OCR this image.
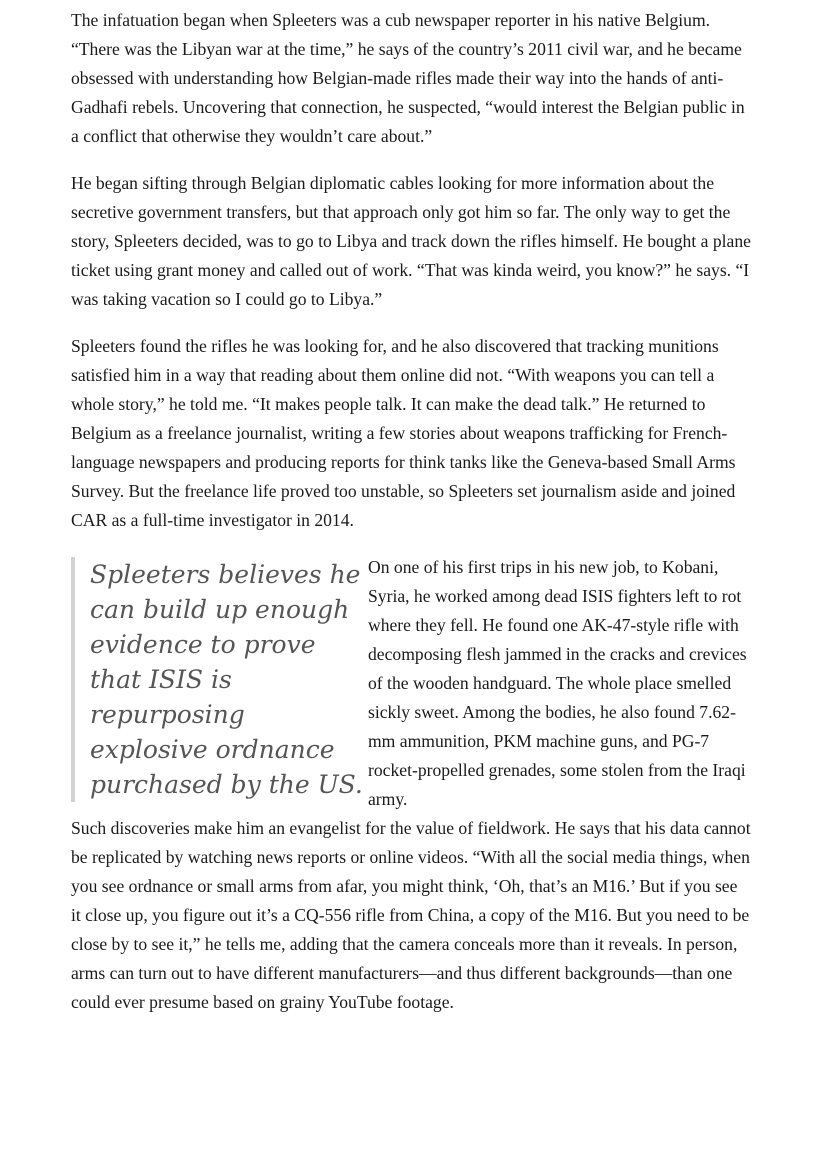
The infatuation began when Spleeters was a cub newspaper reporter in his native Belgium. “There was the Libyan war at the time,” he says of the country’s 2011 civil war, and he became obsessed with understanding how Belgian-made rifles made their way into the hands of anti-Gadhafi rebels. Uncovering that connection, he suspected, “would interest the Belgian public in a conflict that otherwise they wouldn’t care about.”

He began sifting through Belgian diplomatic cables looking for more information about the secretive government transfers, but that approach only got him so far. The only way to get the story, Spleeters decided, was to go to Libya and track down the rifles himself. He bought a plane ticket using grant money and called out of work. “That was kinda weird, you know?” he says. “I was taking vacation so I could go to Libya.”

Spleeters found the rifles he was looking for, and he also discovered that tracking munitions satisfied him in a way that reading about them online did not. “With weapons you can tell a whole story,” he told me. “It makes people talk. It can make the dead talk.” He returned to Belgium as a freelance journalist, writing a few stories about weapons trafficking for French-language newspapers and producing reports for think tanks like the Geneva-based Small Arms Survey. But the freelance life proved too unstable, so Spleeters set journalism aside and joined CAR as a full-time investigator in 2014.

Spleeters believes he can build up enough evidence to prove that ISIS is repurposing explosive ordnance purchased by the US.

On one of his first trips in his new job, to Kobani, Syria, he worked among dead ISIS fighters left to rot where they fell. He found one AK-47-style rifle with decomposing flesh jammed in the cracks and crevices of the wooden handguard. The whole place smelled sickly sweet. Among the bodies, he also found 7.62-mm ammunition, PKM machine guns, and PG-7 rocket-propelled grenades, some stolen from the Iraqi army.

Such discoveries make him an evangelist for the value of fieldwork. He says that his data cannot be replicated by watching news reports or online videos. “With all the social media things, when you see ordnance or small arms from afar, you might think, ‘Oh, that’s an M16.’ But if you see it close up, you figure out it’s a CQ-556 rifle from China, a copy of the M16. But you need to be close by to see it,” he tells me, adding that the camera conceals more than it reveals. In person, arms can turn out to have different manufacturers—and thus different backgrounds—than one could ever presume based on grainy YouTube footage.
